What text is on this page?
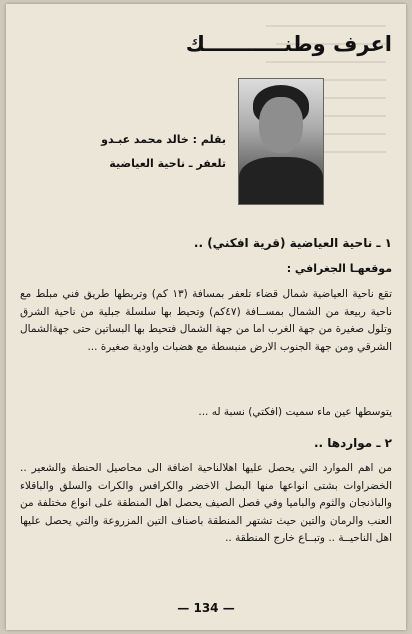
اعرف وطنـــــــــــك
بقلم : خالد محمد عبـدو
تلعفر ـ ناحية العياضية
١ ـ ناحية العياضية (قرية افكني) ..
موقعهـا الجغرافي :
تقع ناحية العياضية شمال قضاء تلعفر بمسافة (١٣ كم) وتربطها طريق فني مبلط مع ناحية ربيعة من الشمال بمســافة (٤٧كم) وتحيط بها سلسلة جبلية من ناحية الشرق وتلول صغيرة من جهة الغرب اما من جهة الشمال فتحيط بها البساتين حتى جهةالشمال الشرقي ومن جهة الجنوب الارض منبسطة مع هضبات واودية صغيرة ...
يتوسطها عين ماء سميت (افكتي) نسبة له ...
٢ ـ مواردها ..
من اهم الموارد التي يحصل عليها اهلالناحية اضافة الى محاصيل الحنطة والشعير .. الخضراوات بشتى انواعها منها البصل الاخضر والكرافس والكرات والسلق والباقلاء والباذنجان والثوم والباميا وفي فصل الصيف يحصل اهل المنطقة على انواع مختلفة من العنب والرمان والتين حيث تشتهر المنطقة باصناف التين المزروعة والتي يحصل عليها اهل الناحيــة .. وتبــاع خارج المنطقة ..
— 134 —
